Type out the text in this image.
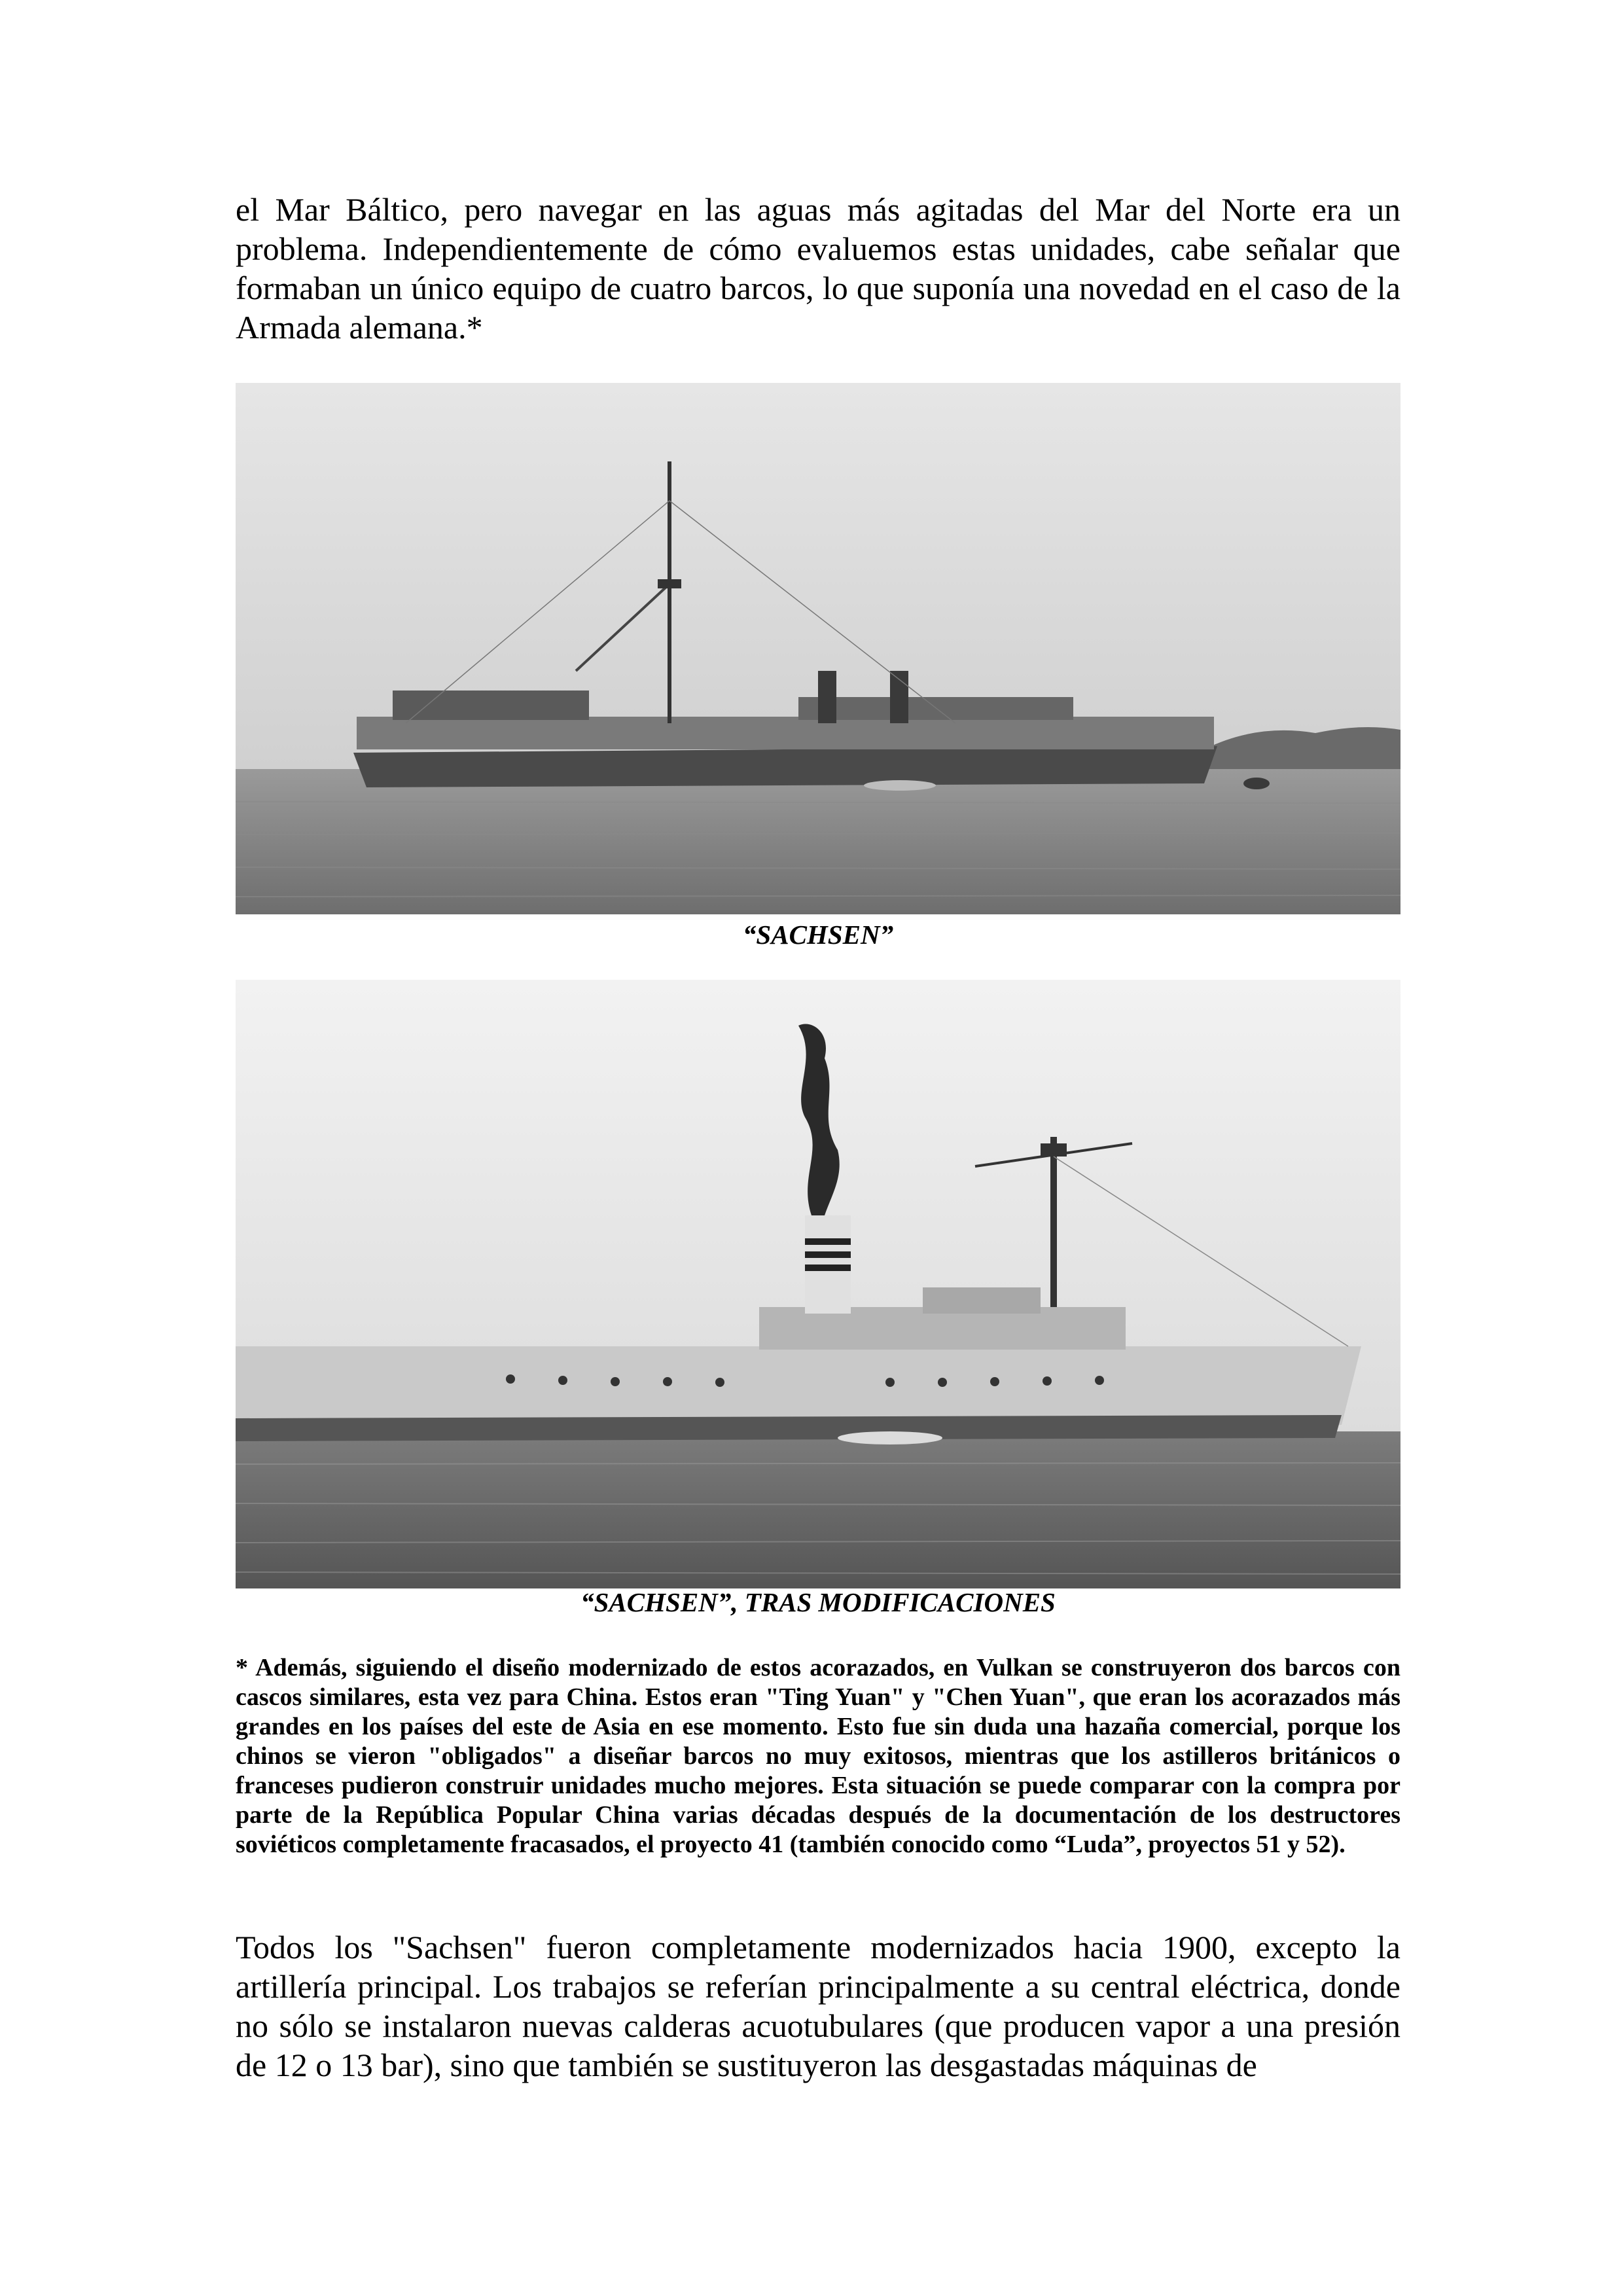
el Mar Báltico, pero navegar en las aguas más agitadas del Mar del Norte era un problema. Independientemente de cómo evaluemos estas unidades, cabe señalar que formaban un único equipo de cuatro barcos, lo que suponía una novedad en el caso de la Armada alemana.*

“SACHSEN”
“SACHSEN”, TRAS MODIFICACIONES

* Además, siguiendo el diseño modernizado de estos acorazados, en Vulkan se construyeron dos barcos con cascos similares, esta vez para China. Estos eran "Ting Yuan" y "Chen Yuan", que eran los acorazados más grandes en los países del este de Asia en ese momento. Esto fue sin duda una hazaña comercial, porque los chinos se vieron "obligados" a diseñar barcos no muy exitosos, mientras que los astilleros británicos o franceses pudieron construir unidades mucho mejores. Esta situación se puede comparar con la compra por parte de la República Popular China varias décadas después de la documentación de los destructores soviéticos completamente fracasados, el proyecto 41 (también conocido como “Luda”, proyectos 51 y 52).

Todos los "Sachsen" fueron completamente modernizados hacia 1900, excepto la artillería principal. Los trabajos se referían principalmente a su central eléctrica, donde no sólo se instalaron nuevas calderas acuotubulares (que producen vapor a una presión de 12 o 13 bar), sino que también se sustituyeron las desgastadas máquinas de
